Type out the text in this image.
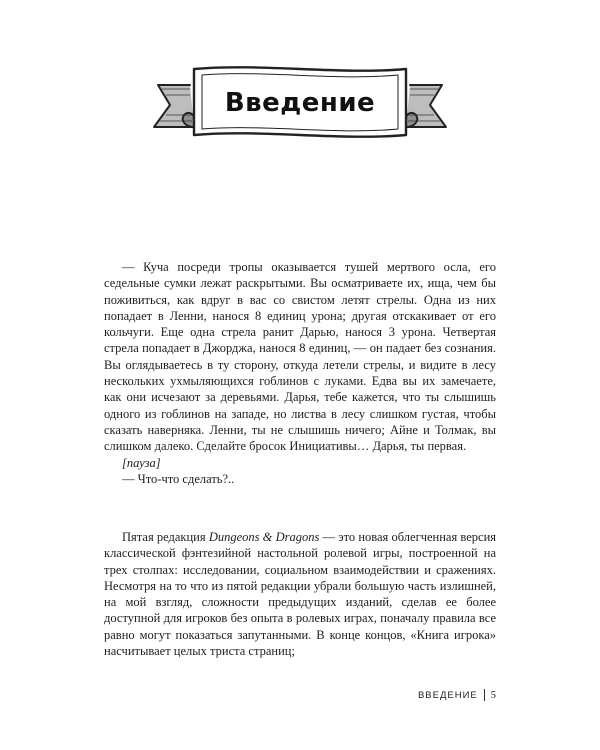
Введение

— Куча посреди тропы оказывается тушей мертвого осла, его седельные сумки лежат раскрытыми. Вы осматриваете их, ища, чем бы поживиться, как вдруг в вас со свистом летят стрелы. Одна из них попадает в Ленни, нанося 8 единиц урона; другая отскакивает от его кольчуги. Еще одна стрела ранит Дарью, нанося 3 урона. Четвертая стрела попадает в Джорджа, нанося 8 единиц, — он падает без сознания. Вы оглядываетесь в ту сторону, откуда летели стрелы, и видите в лесу нескольких ухмыляющихся гоблинов с луками. Едва вы их замечаете, как они исчезают за деревьями. Дарья, тебе кажется, что ты слышишь одного из гоблинов на западе, но листва в лесу слишком густая, чтобы сказать наверняка. Ленни, ты не слышишь ничего; Айне и Толмак, вы слишком далеко. Сделайте бросок Инициативы… Дарья, ты первая.

[пауза]

— Что-что сделать?..

Пятая редакция Dungeons & Dragons — это новая облегченная версия классической фэнтезийной настольной ролевой игры, построенной на трех столпах: исследовании, социальном взаимодействии и сражениях. Несмотря на то что из пятой редакции убрали большую часть излишней, на мой взгляд, сложности предыдущих изданий, сделав ее более доступной для игроков без опыта в ролевых играх, поначалу правила все равно могут показаться запутанными. В конце концов, «Книга игрока» насчитывает целых триста страниц;

ВВЕДЕНИЕ 5
